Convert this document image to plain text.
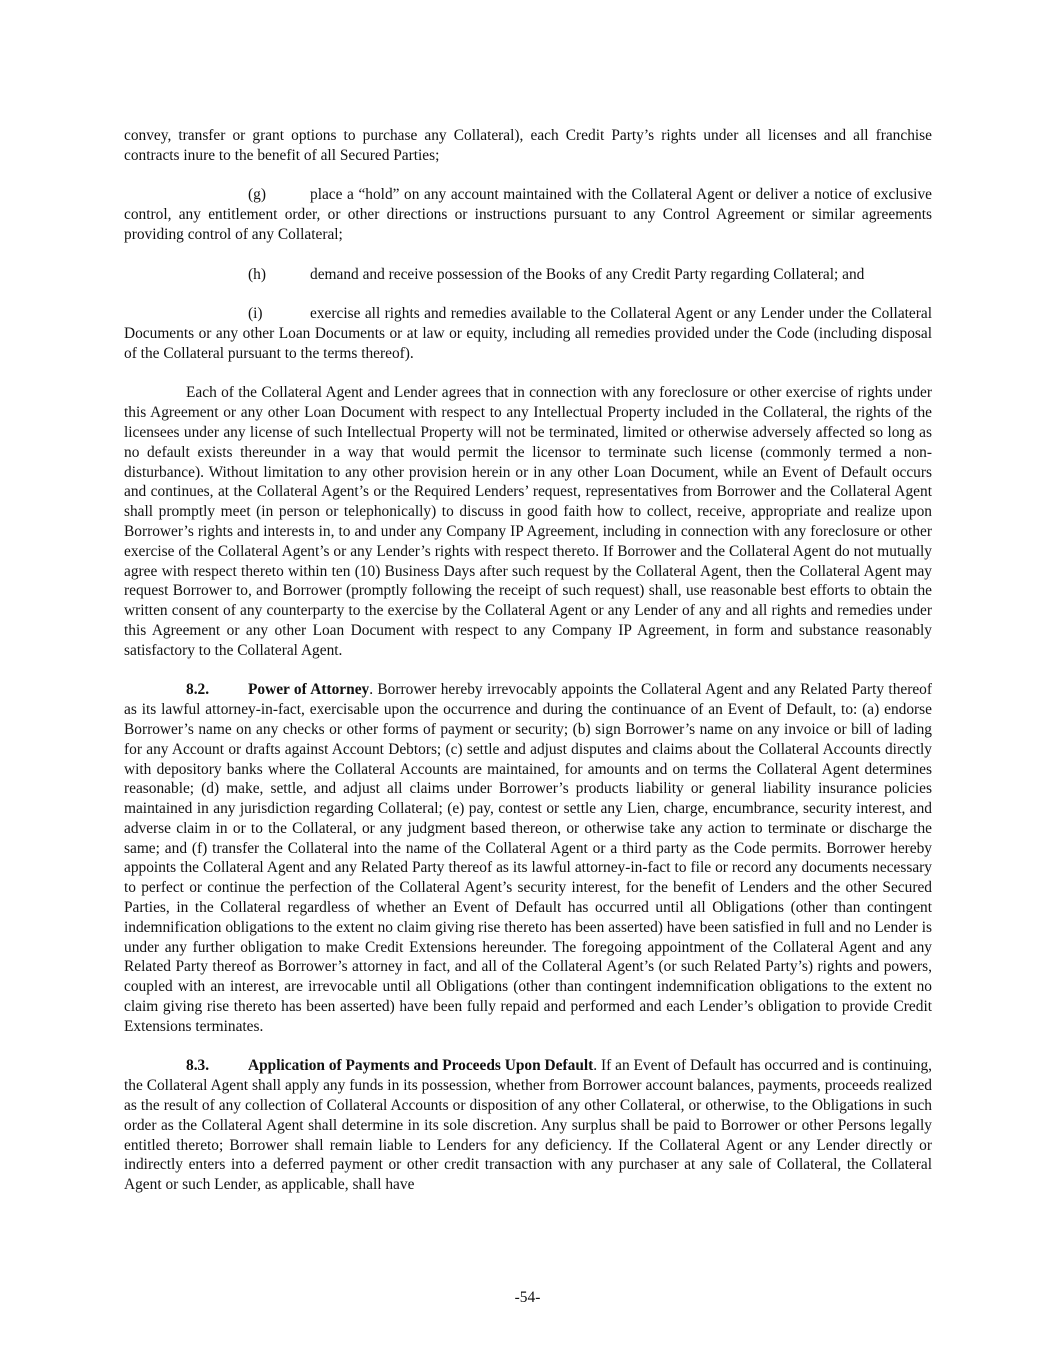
convey, transfer or grant options to purchase any Collateral), each Credit Party’s rights under all licenses and all franchise contracts inure to the benefit of all Secured Parties;

(g)	place a “hold” on any account maintained with the Collateral Agent or deliver a notice of exclusive control, any entitlement order, or other directions or instructions pursuant to any Control Agreement or similar agreements providing control of any Collateral;

(h)	demand and receive possession of the Books of any Credit Party regarding Collateral; and

(i)	exercise all rights and remedies available to the Collateral Agent or any Lender under the Collateral Documents or any other Loan Documents or at law or equity, including all remedies provided under the Code (including disposal of the Collateral pursuant to the terms thereof).

Each of the Collateral Agent and Lender agrees that in connection with any foreclosure or other exercise of rights under this Agreement or any other Loan Document with respect to any Intellectual Property included in the Collateral, the rights of the licensees under any license of such Intellectual Property will not be terminated, limited or otherwise adversely affected so long as no default exists thereunder in a way that would permit the licensor to terminate such license (commonly termed a non-disturbance). Without limitation to any other provision herein or in any other Loan Document, while an Event of Default occurs and continues, at the Collateral Agent’s or the Required Lenders’ request, representatives from Borrower and the Collateral Agent shall promptly meet (in person or telephonically) to discuss in good faith how to collect, receive, appropriate and realize upon Borrower’s rights and interests in, to and under any Company IP Agreement, including in connection with any foreclosure or other exercise of the Collateral Agent’s or any Lender’s rights with respect thereto. If Borrower and the Collateral Agent do not mutually agree with respect thereto within ten (10) Business Days after such request by the Collateral Agent, then the Collateral Agent may request Borrower to, and Borrower (promptly following the receipt of such request) shall, use reasonable best efforts to obtain the written consent of any counterparty to the exercise by the Collateral Agent or any Lender of any and all rights and remedies under this Agreement or any other Loan Document with respect to any Company IP Agreement, in form and substance reasonably satisfactory to the Collateral Agent.

8.2.	Power of Attorney. Borrower hereby irrevocably appoints the Collateral Agent and any Related Party thereof as its lawful attorney-in-fact, exercisable upon the occurrence and during the continuance of an Event of Default, to: (a) endorse Borrower’s name on any checks or other forms of payment or security; (b) sign Borrower’s name on any invoice or bill of lading for any Account or drafts against Account Debtors; (c) settle and adjust disputes and claims about the Collateral Accounts directly with depository banks where the Collateral Accounts are maintained, for amounts and on terms the Collateral Agent determines reasonable; (d) make, settle, and adjust all claims under Borrower’s products liability or general liability insurance policies maintained in any jurisdiction regarding Collateral; (e) pay, contest or settle any Lien, charge, encumbrance, security interest, and adverse claim in or to the Collateral, or any judgment based thereon, or otherwise take any action to terminate or discharge the same; and (f) transfer the Collateral into the name of the Collateral Agent or a third party as the Code permits. Borrower hereby appoints the Collateral Agent and any Related Party thereof as its lawful attorney-in-fact to file or record any documents necessary to perfect or continue the perfection of the Collateral Agent’s security interest, for the benefit of Lenders and the other Secured Parties, in the Collateral regardless of whether an Event of Default has occurred until all Obligations (other than contingent indemnification obligations to the extent no claim giving rise thereto has been asserted) have been satisfied in full and no Lender is under any further obligation to make Credit Extensions hereunder. The foregoing appointment of the Collateral Agent and any Related Party thereof as Borrower’s attorney in fact, and all of the Collateral Agent’s (or such Related Party’s) rights and powers, coupled with an interest, are irrevocable until all Obligations (other than contingent indemnification obligations to the extent no claim giving rise thereto has been asserted) have been fully repaid and performed and each Lender’s obligation to provide Credit Extensions terminates.

8.3.	Application of Payments and Proceeds Upon Default. If an Event of Default has occurred and is continuing, the Collateral Agent shall apply any funds in its possession, whether from Borrower account balances, payments, proceeds realized as the result of any collection of Collateral Accounts or disposition of any other Collateral, or otherwise, to the Obligations in such order as the Collateral Agent shall determine in its sole discretion. Any surplus shall be paid to Borrower or other Persons legally entitled thereto; Borrower shall remain liable to Lenders for any deficiency. If the Collateral Agent or any Lender directly or indirectly enters into a deferred payment or other credit transaction with any purchaser at any sale of Collateral, the Collateral Agent or such Lender, as applicable, shall have

-54-
